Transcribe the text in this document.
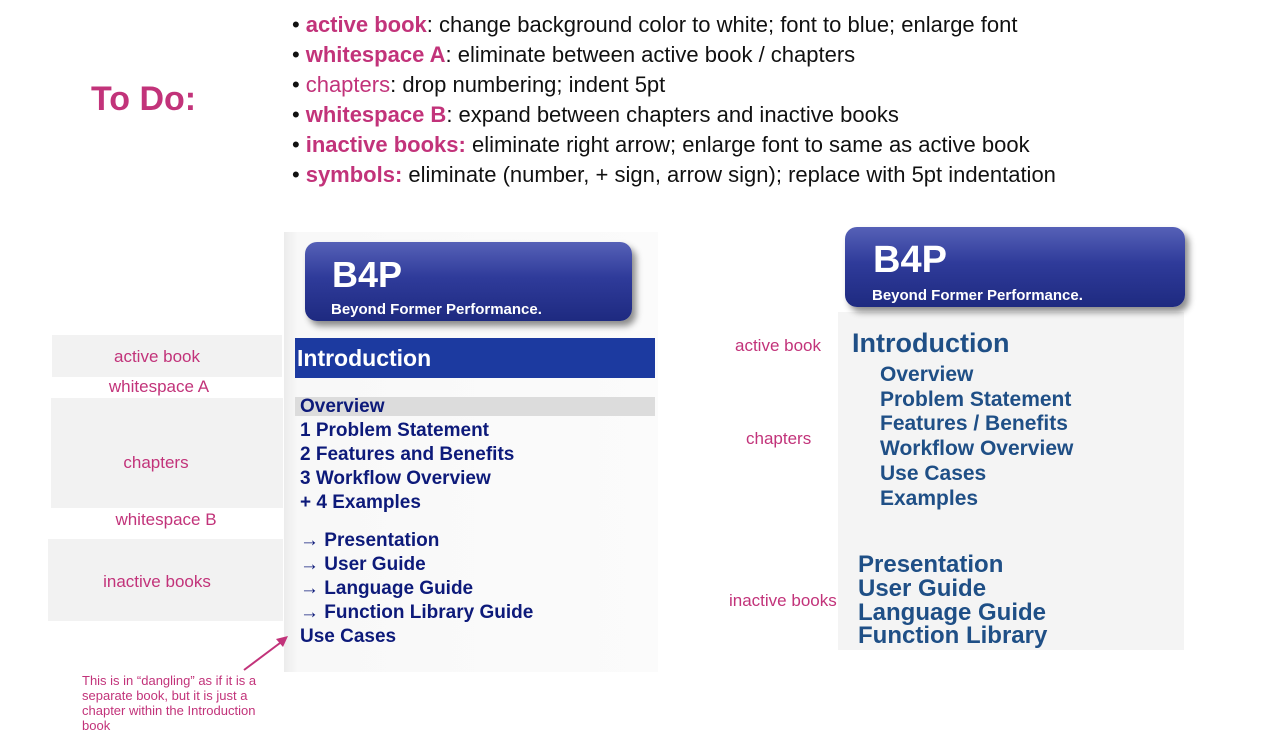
To Do:
• active book: change background color to white; font to blue; enlarge font
• whitespace A: eliminate between active book / chapters
• chapters: drop numbering; indent 5pt
• whitespace B: expand between chapters and inactive books
• inactive books: eliminate right arrow; enlarge font to same as active book
• symbols: eliminate (number, + sign, arrow sign); replace with 5pt indentation
active book
whitespace A
chapters
whitespace B
inactive books
B4P
Beyond Former Performance.
Introduction
Overview
1 Problem Statement
2 Features and Benefits
3 Workflow Overview
+ 4 Examples
→ Presentation
→ User Guide
→ Language Guide
→ Function Library Guide
Use Cases
This is in “dangling” as if it is a separate book, but it is just a chapter within the Introduction book
active book
chapters
inactive books
B4P
Beyond Former Performance.
Introduction
Overview
Problem Statement
Features / Benefits
Workflow Overview
Use Cases
Examples
Presentation
User Guide
Language Guide
Function Library
